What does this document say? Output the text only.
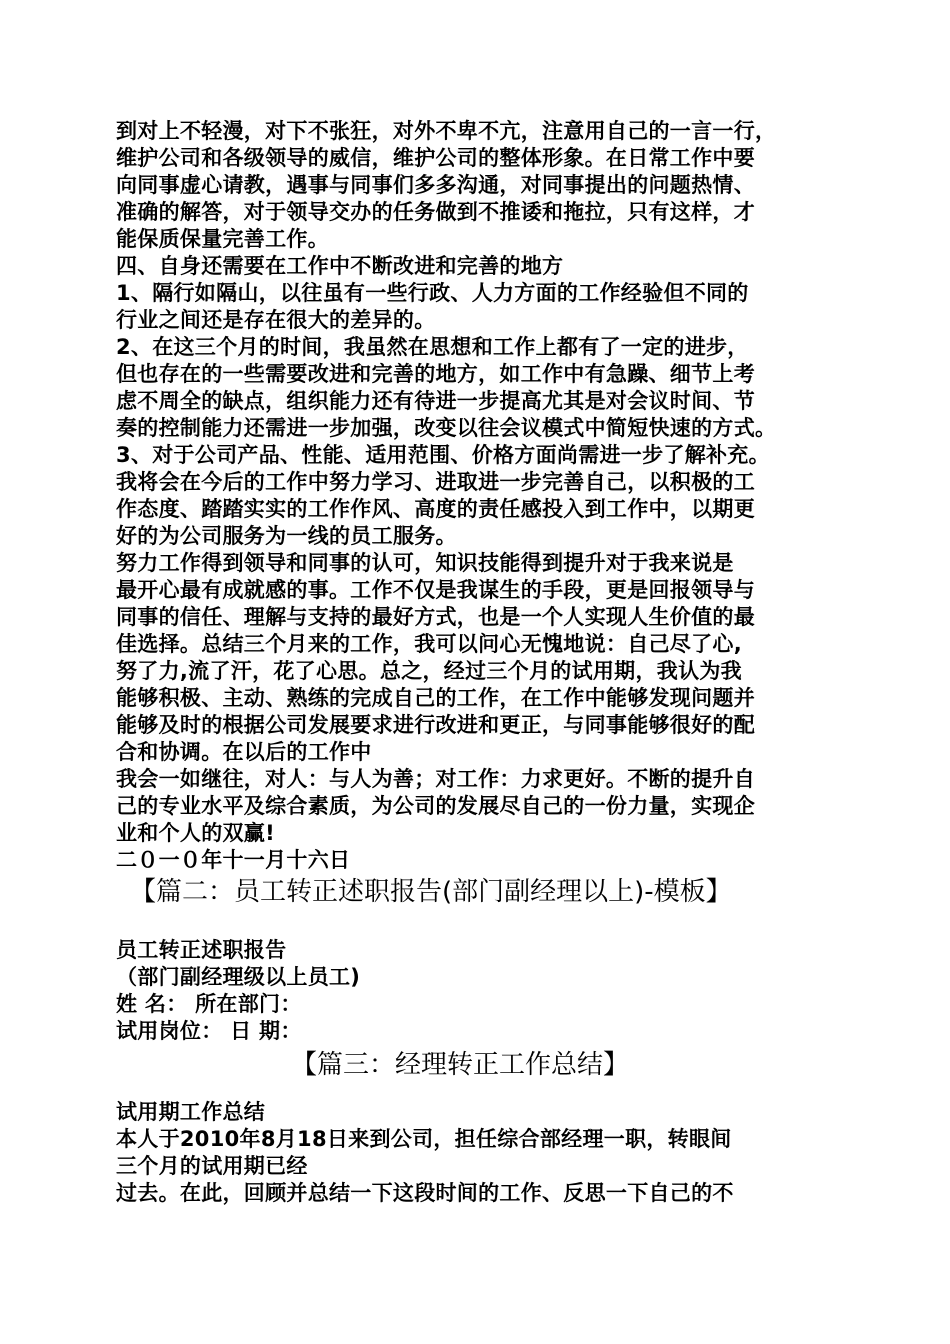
到对上不轻漫，对下不张狂，对外不卑不亢，注意用自己的一言一行，
维护公司和各级领导的威信，维护公司的整体形象。在日常工作中要
向同事虚心请教，遇事与同事们多多沟通，对同事提出的问题热情、
准确的解答，对于领导交办的任务做到不推诿和拖拉，只有这样，才
能保质保量完善工作。

四、自身还需要在工作中不断改进和完善的地方

1、隔行如隔山，以往虽有一些行政、人力方面的工作经验但不同的
行业之间还是存在很大的差异的。

2、在这三个月的时间，我虽然在思想和工作上都有了一定的进步，
但也存在的一些需要改进和完善的地方，如工作中有急躁、细节上考
虑不周全的缺点，组织能力还有待进一步提高尤其是对会议时间、节
奏的控制能力还需进一步加强，改变以往会议模式中简短快速的方式。

3、对于公司产品、性能、适用范围、价格方面尚需进一步了解补充。
我将会在今后的工作中努力学习、进取进一步完善自己，以积极的工
作态度、踏踏实实的工作作风、高度的责任感投入到工作中，以期更
好的为公司服务为一线的员工服务。

努力工作得到领导和同事的认可，知识技能得到提升对于我来说是
最开心最有成就感的事。工作不仅是我谋生的手段，更是回报领导与
同事的信任、理解与支持的最好方式，也是一个人实现人生价值的最
佳选择。总结三个月来的工作，我可以问心无愧地说：自己尽了心,
努了力,流了汗，花了心思。总之，经过三个月的试用期，我认为我
能够积极、主动、熟练的完成自己的工作，在工作中能够发现问题并
能够及时的根据公司发展要求进行改进和更正，与同事能够很好的配
合和协调。在以后的工作中

我会一如继往，对人：与人为善；对工作：力求更好。不断的提升自
己的专业水平及综合素质，为公司的发展尽自己的一份力量，实现企
业和个人的双赢!

二０一０年十一月十六日

【篇二：员工转正述职报告(部门副经理以上)-模板】

员工转正述职报告

（部门副经理级以上员工)

姓 名： 所在部门：

试用岗位： 日 期：

【篇三：经理转正工作总结】

试用期工作总结

本人于2010年8月18日来到公司，担任综合部经理一职，转眼间
三个月的试用期已经

过去。在此，回顾并总结一下这段时间的工作、反思一下自己的不
